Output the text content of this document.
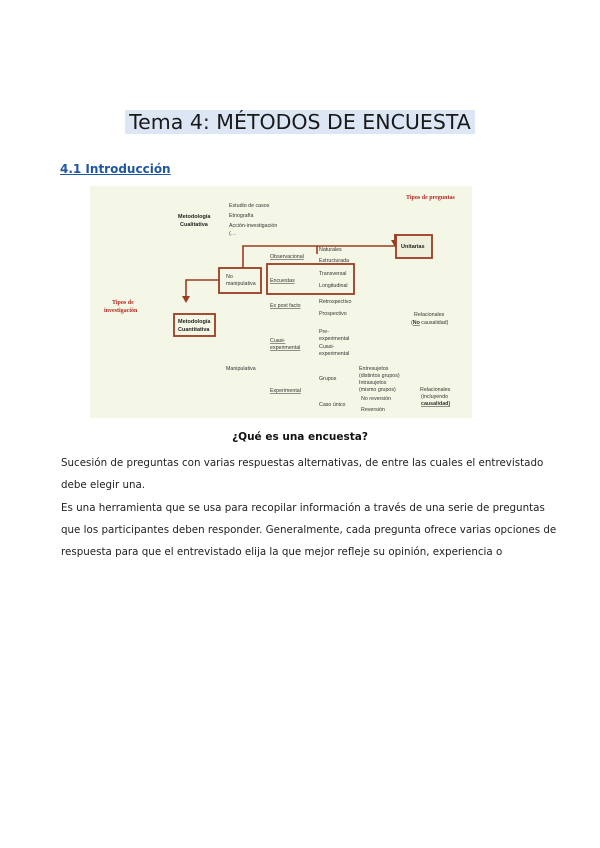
Tema 4: MÉTODOS DE ENCUESTA
4.1 Introducción
Tipos de preguntas
Tipos de
investigación
Metodología
Cualitativa
Estudio de casos
Etnografía
Acción-investigación
(…
No
manipulativa
Metodología
Cuantitativa
Manipulativa
Observacional
Encuestas
Ex post facto
Cuasi-
experimental
Experimental
Naturales
Estructurada
Transversal
Longitudinal
Retrospectivo
Prospectivo
Pre-
experimental
Cuasi-
experimental
Grupos
Caso único
Entresujetos
(distintos grupos)
Intrasujetos
(mismo grupos)
No reversión
Reversión
Unitarias
Relacionales
(No causalidad)
Relacionales
(incluyendo
causalidad)
¿Qué es una encuesta?
Sucesión de preguntas con varias respuestas alternativas, de entre las cuales el entrevistado debe elegir una.
Es una herramienta que se usa para recopilar información a través de una serie de preguntas que los participantes deben responder. Generalmente, cada pregunta ofrece varias opciones de respuesta para que el entrevistado elija la que mejor refleje su opinión, experiencia o
